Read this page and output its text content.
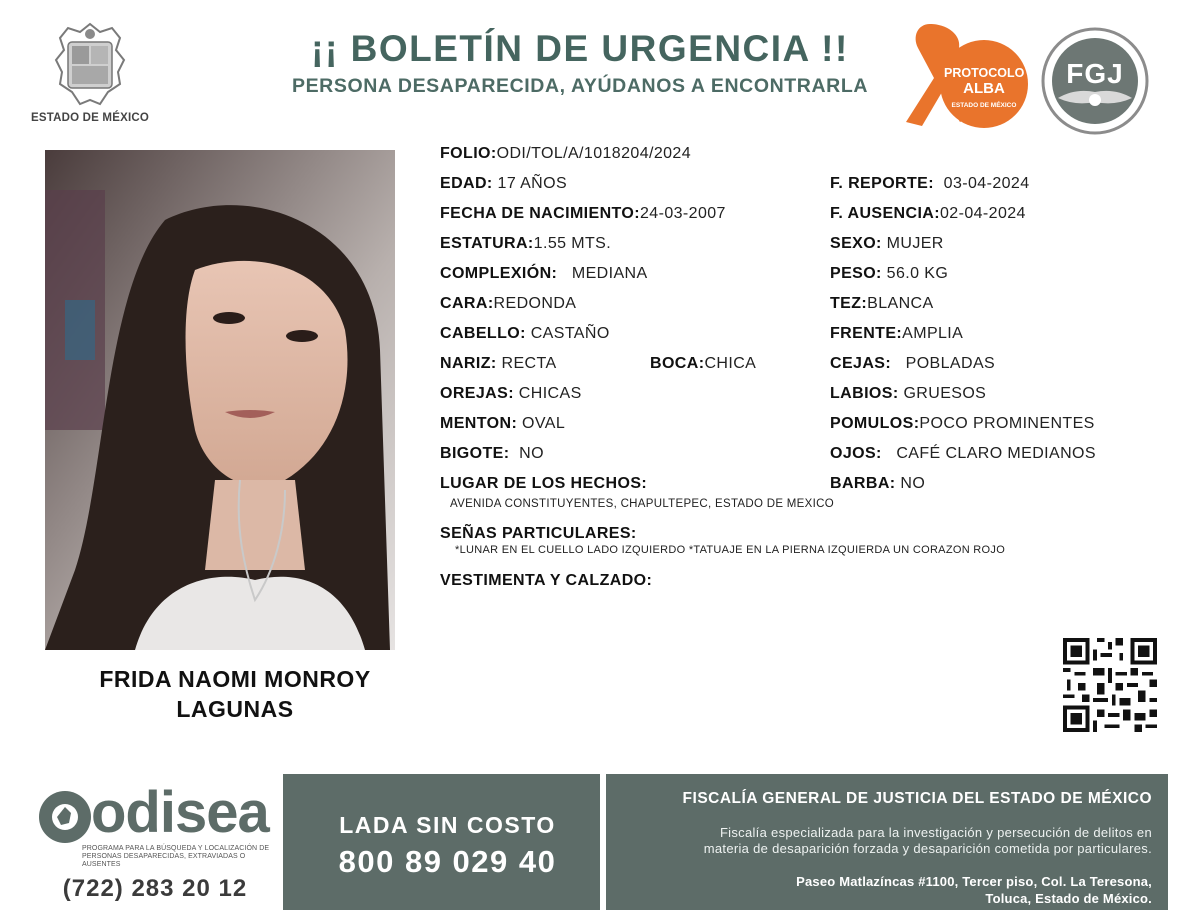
ESTADO DE MÉXICO
¡¡ BOLETÍN DE URGENCIA !!
PERSONA DESAPARECIDA, AYÚDANOS A ENCONTRARLA
PROTOCOLO
ALBA
ESTADO DE MÉXICO
FGJ
FRIDA NAOMI MONROY
LAGUNAS
FOLIO:ODI/TOL/A/1018204/2024
EDAD: 17 AÑOS
FECHA DE NACIMIENTO:24-03-2007
ESTATURA:1.55 MTS.
COMPLEXIÓN: MEDIANA
CARA:REDONDA
CABELLO: CASTAÑO
NARIZ: RECTA	BOCA:CHICA
OREJAS: CHICAS
MENTON: OVAL
BIGOTE: NO
LUGAR DE LOS HECHOS:
AVENIDA CONSTITUYENTES, CHAPULTEPEC, ESTADO DE MEXICO
SEÑAS PARTICULARES:
*LUNAR EN EL CUELLO LADO IZQUIERDO *TATUAJE EN LA PIERNA IZQUIERDA UN CORAZON ROJO
VESTIMENTA Y CALZADO:
F. REPORTE: 03-04-2024
F. AUSENCIA:02-04-2024
SEXO: MUJER
PESO: 56.0 KG
TEZ:BLANCA
FRENTE:AMPLIA
CEJAS: POBLADAS
LABIOS: GRUESOS
POMULOS:POCO PROMINENTES
OJOS: CAFÉ CLARO MEDIANOS
BARBA: NO
odisea
PROGRAMA PARA LA BÚSQUEDA Y LOCALIZACIÓN DE PERSONAS DESAPARECIDAS, EXTRAVIADAS O AUSENTES
(722) 283 20 12
LADA SIN COSTO
800 89 029 40
FISCALÍA GENERAL DE JUSTICIA DEL ESTADO DE MÉXICO
Fiscalía especializada para la investigación y persecución de delitos en
materia de desaparición forzada y desaparición cometida por particulares.
Paseo Matlazíncas #1100, Tercer piso, Col. La Teresona,
Toluca, Estado de México.
